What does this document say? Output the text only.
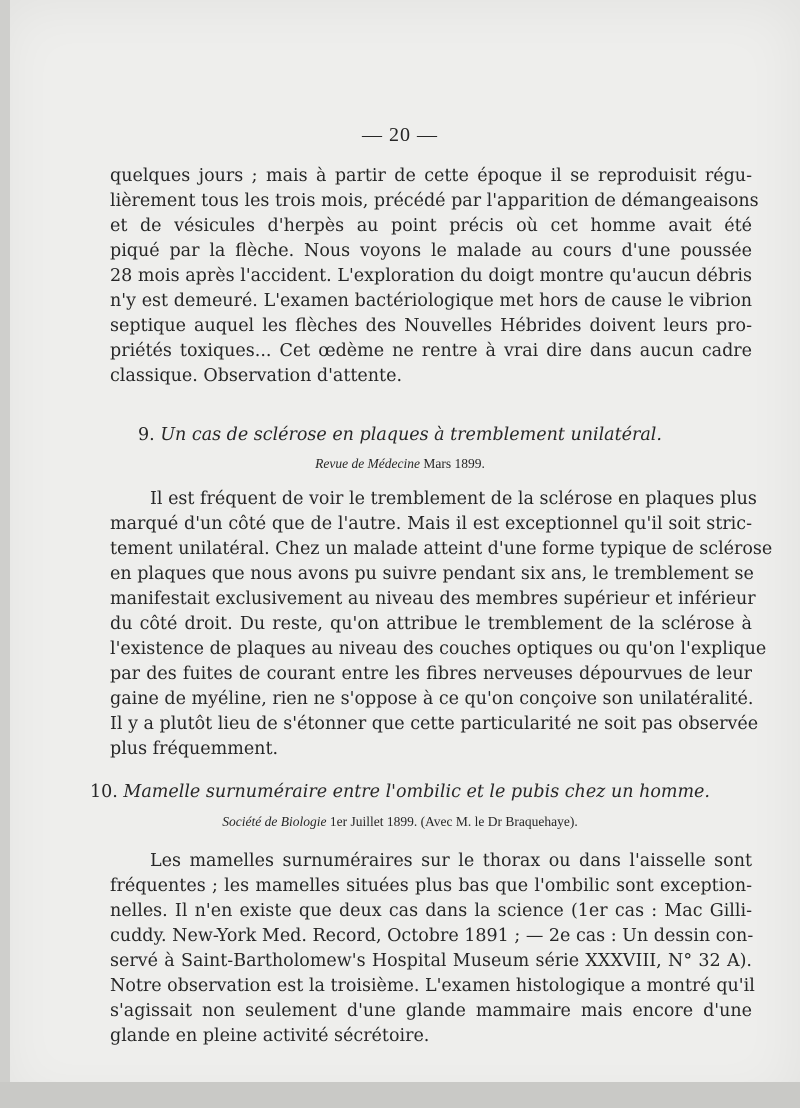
— 20 —
quelques jours ; mais à partir de cette époque il se reproduisit régu-
lièrement tous les trois mois, précédé par l'apparition de démangeaisons
et de vésicules d'herpès au point précis où cet homme avait été
piqué par la flèche. Nous voyons le malade au cours d'une poussée
28 mois après l'accident. L'exploration du doigt montre qu'aucun débris
n'y est demeuré. L'examen bactériologique met hors de cause le vibrion
septique auquel les flèches des Nouvelles Hébrides doivent leurs pro-
priétés toxiques... Cet œdème ne rentre à vrai dire dans aucun cadre
classique. Observation d'attente.
9. Un cas de sclérose en plaques à tremblement unilatéral.
Revue de Médecine Mars 1899.
Il est fréquent de voir le tremblement de la sclérose en plaques plus
marqué d'un côté que de l'autre. Mais il est exceptionnel qu'il soit stric-
tement unilatéral. Chez un malade atteint d'une forme typique de sclérose
en plaques que nous avons pu suivre pendant six ans, le tremblement se
manifestait exclusivement au niveau des membres supérieur et inférieur
du côté droit. Du reste, qu'on attribue le tremblement de la sclérose à
l'existence de plaques au niveau des couches optiques ou qu'on l'explique
par des fuites de courant entre les fibres nerveuses dépourvues de leur
gaine de myéline, rien ne s'oppose à ce qu'on conçoive son unilatéralité.
Il y a plutôt lieu de s'étonner que cette particularité ne soit pas observée
plus fréquemment.
10. Mamelle surnuméraire entre l'ombilic et le pubis chez un homme.
Société de Biologie 1er Juillet 1899. (Avec M. le Dr Braquehaye).
Les mamelles surnuméraires sur le thorax ou dans l'aisselle sont
fréquentes ; les mamelles situées plus bas que l'ombilic sont exception-
nelles. Il n'en existe que deux cas dans la science (1er cas : Mac Gilli-
cuddy. New-York Med. Record, Octobre 1891 ; — 2e cas : Un dessin con-
servé à Saint-Bartholomew's Hospital Museum série XXXVIII, N° 32 A).
Notre observation est la troisième. L'examen histologique a montré qu'il
s'agissait non seulement d'une glande mammaire mais encore d'une
glande en pleine activité sécrétoire.
